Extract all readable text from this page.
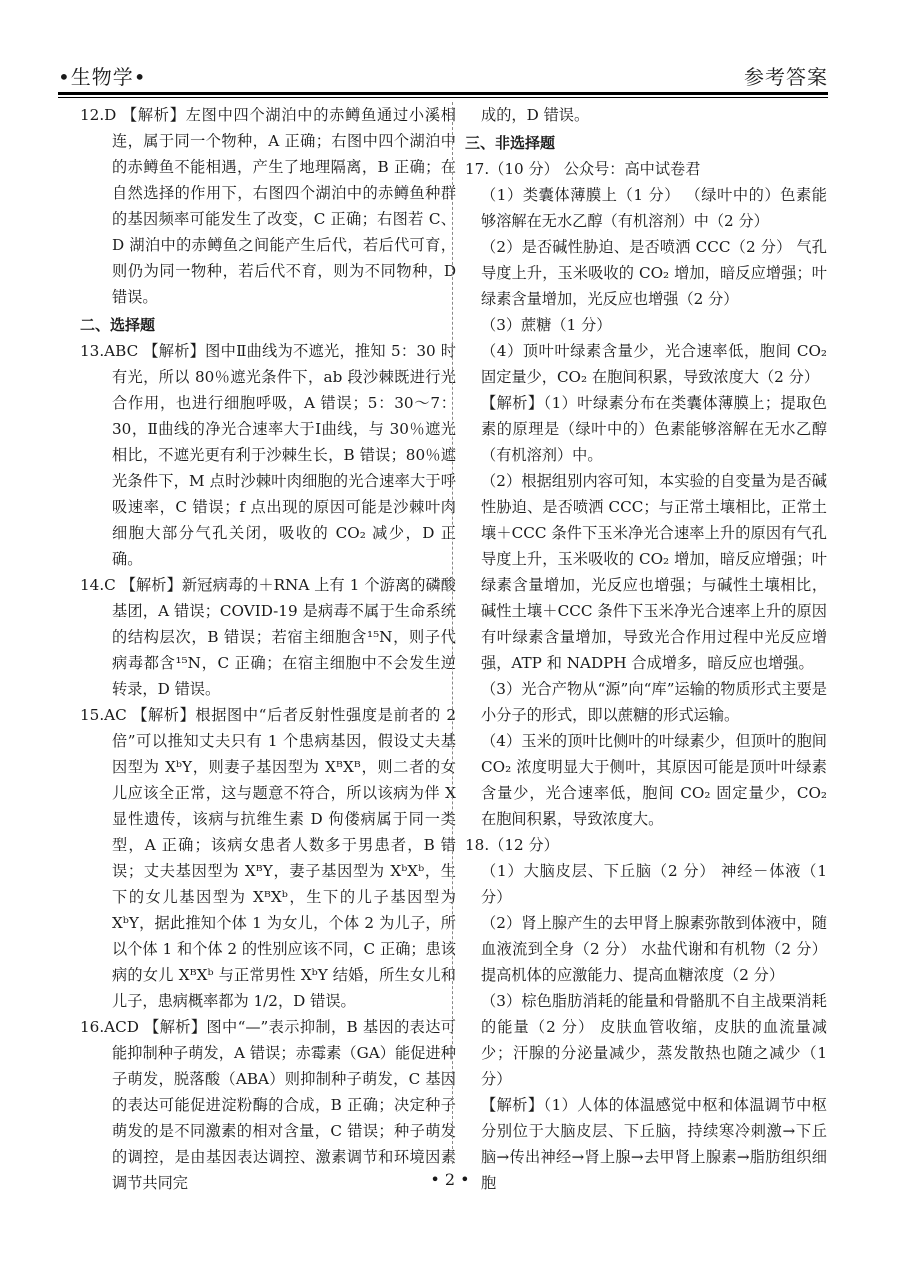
•生物学•	参考答案

12.D 【解析】左图中四个湖泊中的赤鳟鱼通过小溪相连，属于同一个物种，A 正确；右图中四个湖泊中的赤鳟鱼不能相遇，产生了地理隔离，B 正确；在自然选择的作用下，右图四个湖泊中的赤鳟鱼种群的基因频率可能发生了改变，C 正确；右图若 C、D 湖泊中的赤鳟鱼之间能产生后代，若后代可育，则仍为同一物种，若后代不育，则为不同物种，D 错误。

二、选择题

13.ABC 【解析】图中Ⅱ曲线为不遮光，推知 5：30 时有光，所以 80％遮光条件下，ab 段沙棘既进行光合作用，也进行细胞呼吸，A 错误；5：30～7：30，Ⅱ曲线的净光合速率大于Ⅰ曲线，与 30％遮光相比，不遮光更有利于沙棘生长，B 错误；80％遮光条件下，M 点时沙棘叶肉细胞的光合速率大于呼吸速率，C 错误；f 点出现的原因可能是沙棘叶肉细胞大部分气孔关闭，吸收的 CO₂ 减少，D 正确。

14.C 【解析】新冠病毒的＋RNA 上有 1 个游离的磷酸基团，A 错误；COVID-19 是病毒不属于生命系统的结构层次，B 错误；若宿主细胞含¹⁵N，则子代病毒都含¹⁵N，C 正确；在宿主细胞中不会发生逆转录，D 错误。

15.AC 【解析】根据图中“后者反射性强度是前者的 2 倍”可以推知丈夫只有 1 个患病基因，假设丈夫基因型为 XᵇY，则妻子基因型为 XᴮXᴮ，则二者的女儿应该全正常，这与题意不符合，所以该病为伴 X 显性遗传，该病与抗维生素 D 佝偻病属于同一类型，A 正确；该病女患者人数多于男患者，B 错误；丈夫基因型为 XᴮY，妻子基因型为 XᵇXᵇ，生下的女儿基因型为 XᴮXᵇ，生下的儿子基因型为 XᵇY，据此推知个体 1 为女儿，个体 2 为儿子，所以个体 1 和个体 2 的性别应该不同，C 正确；患该病的女儿 XᴮXᵇ 与正常男性 XᵇY 结婚，所生女儿和儿子，患病概率都为 1/2，D 错误。

16.ACD 【解析】图中“—”表示抑制，B 基因的表达可能抑制种子萌发，A 错误；赤霉素（GA）能促进种子萌发，脱落酸（ABA）则抑制种子萌发，C 基因的表达可能促进淀粉酶的合成，B 正确；决定种子萌发的是不同激素的相对含量，C 错误；种子萌发的调控，是由基因表达调控、激素调节和环境因素调节共同完

成的，D 错误。

三、非选择题

17.（10 分） 公众号：高中试卷君

（1）类囊体薄膜上（1 分） （绿叶中的）色素能够溶解在无水乙醇（有机溶剂）中（2 分）

（2）是否碱性胁迫、是否喷洒 CCC（2 分） 气孔导度上升，玉米吸收的 CO₂ 增加，暗反应增强；叶绿素含量增加，光反应也增强（2 分）

（3）蔗糖（1 分）

（4）顶叶叶绿素含量少，光合速率低，胞间 CO₂ 固定量少，CO₂ 在胞间积累，导致浓度大（2 分）

【解析】（1）叶绿素分布在类囊体薄膜上；提取色素的原理是（绿叶中的）色素能够溶解在无水乙醇（有机溶剂）中。

（2）根据组别内容可知，本实验的自变量为是否碱性胁迫、是否喷洒 CCC；与正常土壤相比，正常土壤＋CCC 条件下玉米净光合速率上升的原因有气孔导度上升，玉米吸收的 CO₂ 增加，暗反应增强；叶绿素含量增加，光反应也增强；与碱性土壤相比，碱性土壤＋CCC 条件下玉米净光合速率上升的原因有叶绿素含量增加，导致光合作用过程中光反应增强，ATP 和 NADPH 合成增多，暗反应也增强。

（3）光合产物从“源”向“库”运输的物质形式主要是小分子的形式，即以蔗糖的形式运输。

（4）玉米的顶叶比侧叶的叶绿素少，但顶叶的胞间 CO₂ 浓度明显大于侧叶，其原因可能是顶叶叶绿素含量少，光合速率低，胞间 CO₂ 固定量少，CO₂ 在胞间积累，导致浓度大。

18.（12 分）

（1）大脑皮层、下丘脑（2 分） 神经－体液（1 分）

（2）肾上腺产生的去甲肾上腺素弥散到体液中，随血液流到全身（2 分） 水盐代谢和有机物（2 分） 提高机体的应激能力、提高血糖浓度（2 分）

（3）棕色脂肪消耗的能量和骨骼肌不自主战栗消耗的能量（2 分） 皮肤血管收缩，皮肤的血流量减少；汗腺的分泌量减少，蒸发散热也随之减少（1 分）

【解析】（1）人体的体温感觉中枢和体温调节中枢分别位于大脑皮层、下丘脑，持续寒冷刺激→下丘脑→传出神经→肾上腺→去甲肾上腺素→脂肪组织细胞

• 2 •
